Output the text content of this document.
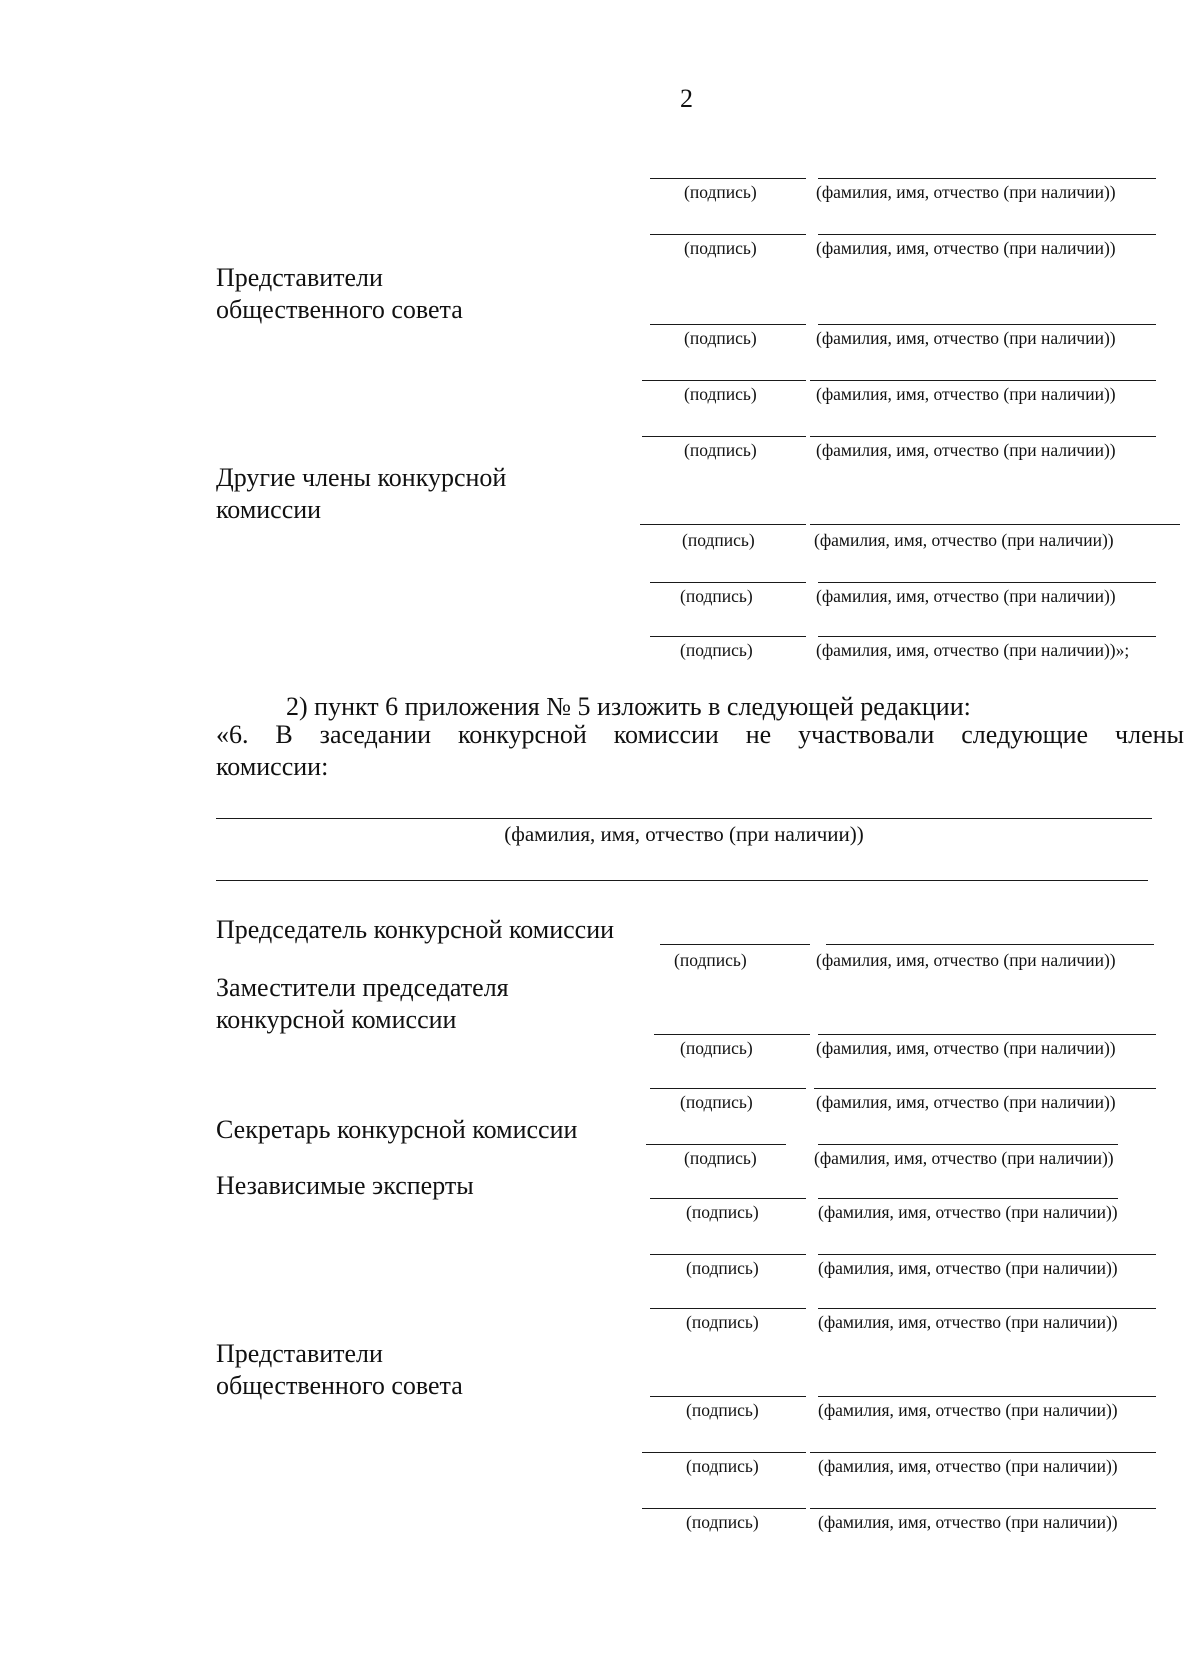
2
(подпись)	(фамилия, имя, отчество (при наличии))
(подпись)	(фамилия, имя, отчество (при наличии))

Представители общественного совета

(подпись)	(фамилия, имя, отчество (при наличии))
(подпись)	(фамилия, имя, отчество (при наличии))
(подпись)	(фамилия, имя, отчество (при наличии))

Другие члены конкурсной комиссии

(подпись)	(фамилия, имя, отчество (при наличии))
(подпись)	(фамилия, имя, отчество (при наличии))
(подпись)	(фамилия, имя, отчество (при наличии))»;
2) пункт 6 приложения № 5 изложить в следующей редакции:
«6. В заседании конкурсной комиссии не участвовали следующие члены
комиссии:
(фамилия, имя, отчество (при наличии))

Председатель конкурсной комиссии

(подпись)	(фамилия, имя, отчество (при наличии))

Заместители председателя конкурсной комиссии

(подпись)	(фамилия, имя, отчество (при наличии))
(подпись)	(фамилия, имя, отчество (при наличии))

Секретарь конкурсной комиссии

(подпись)	(фамилия, имя, отчество (при наличии))

Независимые эксперты

(подпись)	(фамилия, имя, отчество (при наличии))
(подпись)	(фамилия, имя, отчество (при наличии))
(подпись)	(фамилия, имя, отчество (при наличии))

Представители общественного совета

(подпись)	(фамилия, имя, отчество (при наличии))
(подпись)	(фамилия, имя, отчество (при наличии))
(подпись)	(фамилия, имя, отчество (при наличии))
